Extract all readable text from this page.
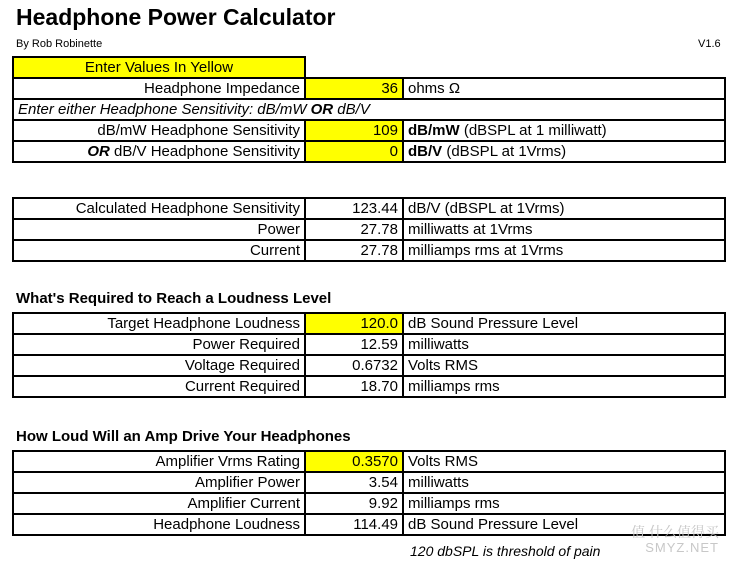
Headphone Power Calculator
By Rob Robinette	V1.6
Enter Values In Yellow		
Headphone Impedance	36	ohms Ω
Enter either Headphone Sensitivity: dB/mW OR dB/V		
dB/mW Headphone Sensitivity	109	dB/mW (dBSPL at 1 milliwatt)
OR dB/V Headphone Sensitivity	0	dB/V (dBSPL at 1Vrms)
Calculated Headphone Sensitivity	123.44	dB/V (dBSPL at 1Vrms)
Power	27.78	milliwatts at 1Vrms
Current	27.78	milliamps rms at 1Vrms
What's Required to Reach a Loudness Level
Target Headphone Loudness	120.0	dB Sound Pressure Level
Power Required	12.59	milliwatts
Voltage Required	0.6732	Volts RMS
Current Required	18.70	milliamps rms
How Loud Will an Amp Drive Your Headphones
Amplifier Vrms Rating	0.3570	Volts RMS
Amplifier Power	3.54	milliwatts
Amplifier Current	9.92	milliamps rms
Headphone Loudness	114.49	dB Sound Pressure Level
120 dbSPL is threshold of pain
值 什么值得买
SMYZ.NET
